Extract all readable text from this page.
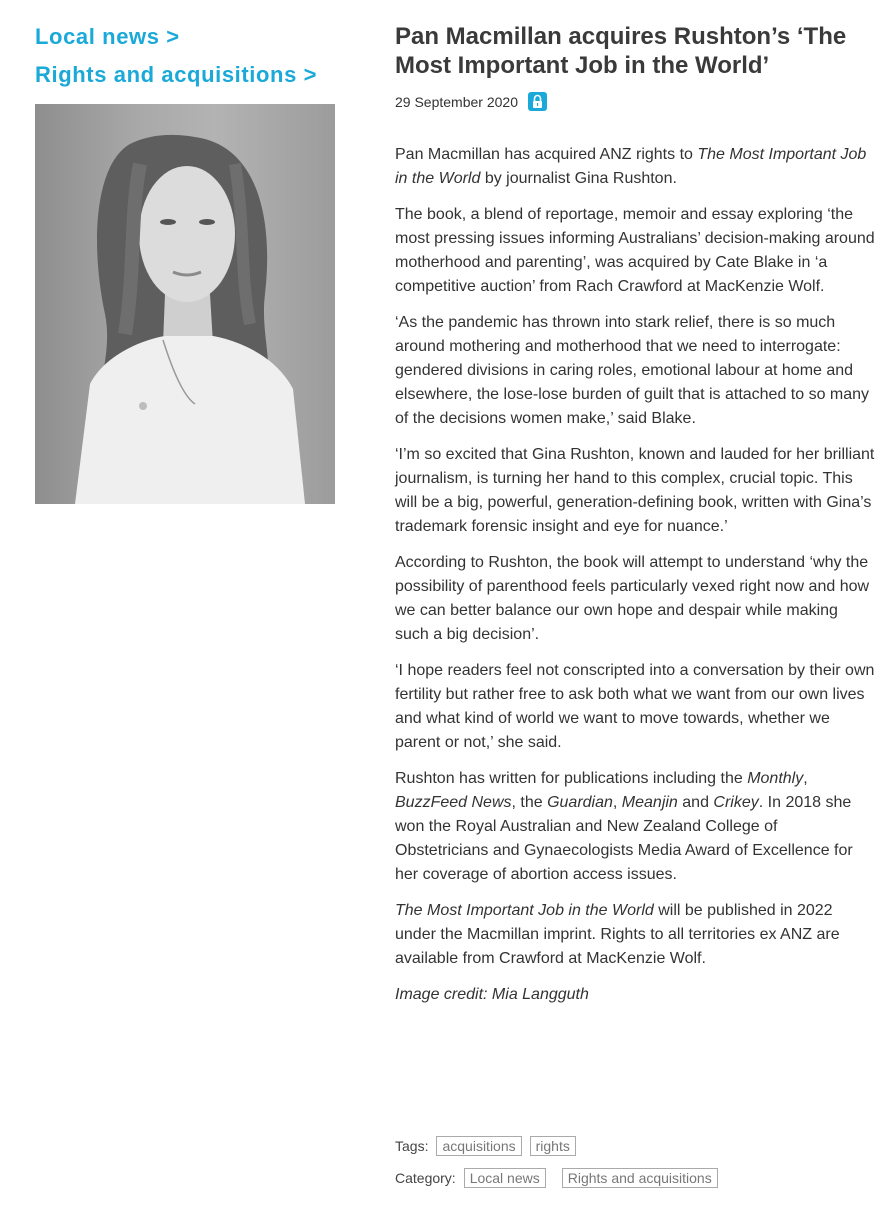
Local news >
Rights and acquisitions >
Pan Macmillan acquires Rushton’s ‘The Most Important Job in the World’
29 September 2020

Pan Macmillan has acquired ANZ rights to The Most Important Job in the World by journalist Gina Rushton.

The book, a blend of reportage, memoir and essay exploring ‘the most pressing issues informing Australians’ decision-making around motherhood and parenting’, was acquired by Cate Blake in ‘a competitive auction’ from Rach Crawford at MacKenzie Wolf.

‘As the pandemic has thrown into stark relief, there is so much around mothering and motherhood that we need to interrogate: gendered divisions in caring roles, emotional labour at home and elsewhere, the lose-lose burden of guilt that is attached to so many of the decisions women make,’ said Blake.

‘I’m so excited that Gina Rushton, known and lauded for her brilliant journalism, is turning her hand to this complex, crucial topic. This will be a big, powerful, generation-defining book, written with Gina’s trademark forensic insight and eye for nuance.’

According to Rushton, the book will attempt to understand ‘why the possibility of parenthood feels particularly vexed right now and how we can better balance our own hope and despair while making such a big decision’.

‘I hope readers feel not conscripted into a conversation by their own fertility but rather free to ask both what we want from our own lives and what kind of world we want to move towards, whether we parent or not,’ she said.

Rushton has written for publications including the Monthly, BuzzFeed News, the Guardian, Meanjin and Crikey. In 2018 she won the Royal Australian and New Zealand College of Obstetricians and Gynaecologists Media Award of Excellence for her coverage of abortion access issues.

The Most Important Job in the World will be published in 2022 under the Macmillan imprint. Rights to all territories ex ANZ are available from Crawford at MacKenzie Wolf.

Image credit: Mia Langguth

Tags:	acquisitions	rights
Category:	Local news	Rights and acquisitions
